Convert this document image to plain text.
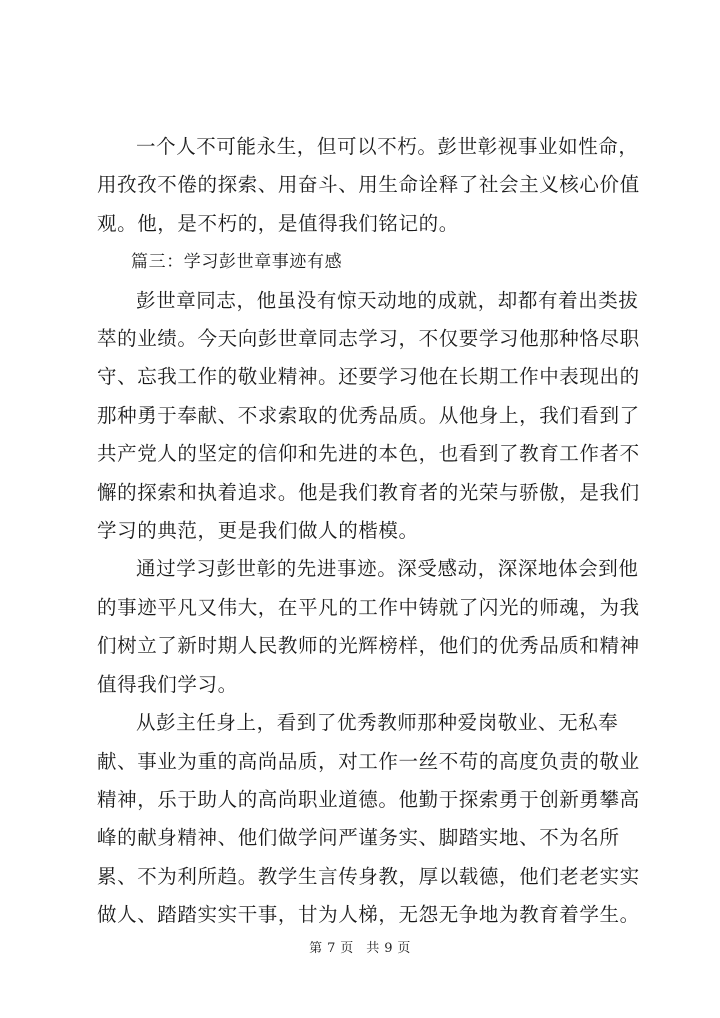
一个人不可能永生，但可以不朽。彭世彰视事业如性命，用孜孜不倦的探索、用奋斗、用生命诠释了社会主义核心价值观。他，是不朽的，是值得我们铭记的。

篇三：学习彭世章事迹有感

彭世章同志，他虽没有惊天动地的成就，却都有着出类拔萃的业绩。今天向彭世章同志学习，不仅要学习他那种恪尽职守、忘我工作的敬业精神。还要学习他在长期工作中表现出的那种勇于奉献、不求索取的优秀品质。从他身上，我们看到了共产党人的坚定的信仰和先进的本色，也看到了教育工作者不懈的探索和执着追求。他是我们教育者的光荣与骄傲，是我们学习的典范，更是我们做人的楷模。

通过学习彭世彰的先进事迹。深受感动，深深地体会到他的事迹平凡又伟大，在平凡的工作中铸就了闪光的师魂，为我们树立了新时期人民教师的光辉榜样，他们的优秀品质和精神值得我们学习。

从彭主任身上，看到了优秀教师那种爱岗敬业、无私奉献、事业为重的高尚品质，对工作一丝不苟的高度负责的敬业精神，乐于助人的高尚职业道德。他勤于探索勇于创新勇攀高峰的献身精神、他们做学问严谨务实、脚踏实地、不为名所累、不为利所趋。教学生言传身教，厚以载德，他们老老实实做人、踏踏实实干事，甘为人梯，无怨无争地为教育着学生。

第 7 页 共 9 页
